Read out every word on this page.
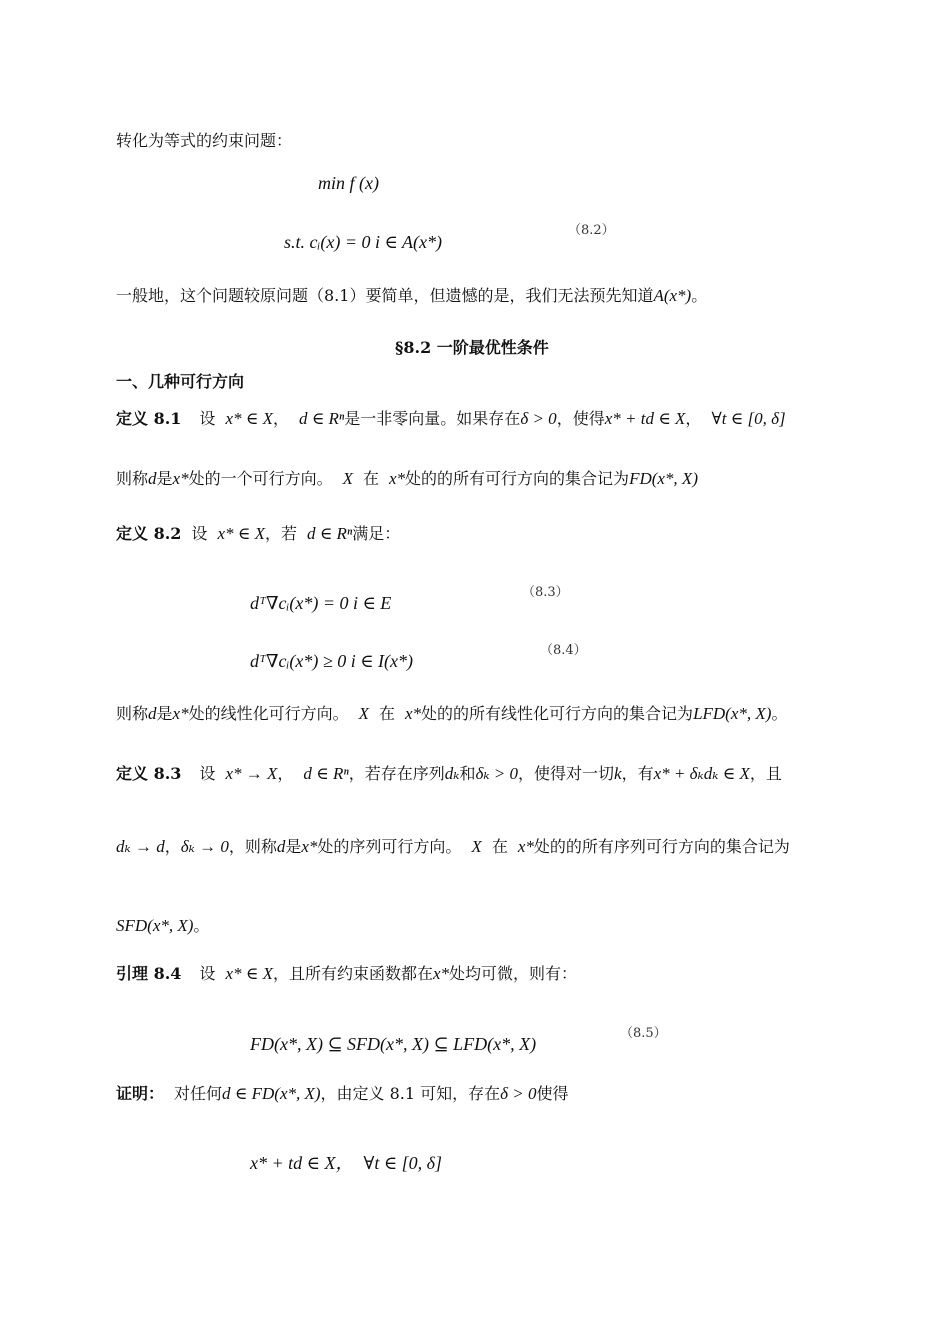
转化为等式的约束问题：
min f (x)
s.t. cᵢ(x) = 0 i ∈ A(x*)
（8.2）
一般地，这个问题较原问题（8.1）要简单，但遗憾的是，我们无法预先知道A(x*)。
§8.2 一阶最优性条件
一、几种可行方向
定义 8.1 设 x* ∈ X， d ∈ Rⁿ是一非零向量。如果存在δ > 0，使得x* + td ∈ X， ∀t ∈ [0, δ]
则称d是x*处的一个可行方向。 X 在 x*处的的所有可行方向的集合记为FD(x*, X)
定义 8.2 设 x* ∈ X，若 d ∈ Rⁿ满足：
dᵀ∇cᵢ(x*) = 0 i ∈ E
（8.3）
dᵀ∇cᵢ(x*) ≥ 0 i ∈ I(x*)
（8.4）
则称d是x*处的线性化可行方向。 X 在 x*处的的所有线性化可行方向的集合记为LFD(x*, X)。
定义 8.3 设 x* → X， d ∈ Rⁿ，若存在序列dₖ和δₖ > 0，使得对一切k，有x* + δₖdₖ ∈ X，且
dₖ → d，δₖ → 0，则称d是x*处的序列可行方向。 X 在 x*处的的所有序列可行方向的集合记为
SFD(x*, X)。
引理 8.4 设 x* ∈ X，且所有约束函数都在x*处均可微，则有：
FD(x*, X) ⊆ SFD(x*, X) ⊆ LFD(x*, X)
（8.5）
证明： 对任何d ∈ FD(x*, X)，由定义 8.1 可知，存在δ > 0使得
x* + td ∈ X， ∀t ∈ [0, δ]
